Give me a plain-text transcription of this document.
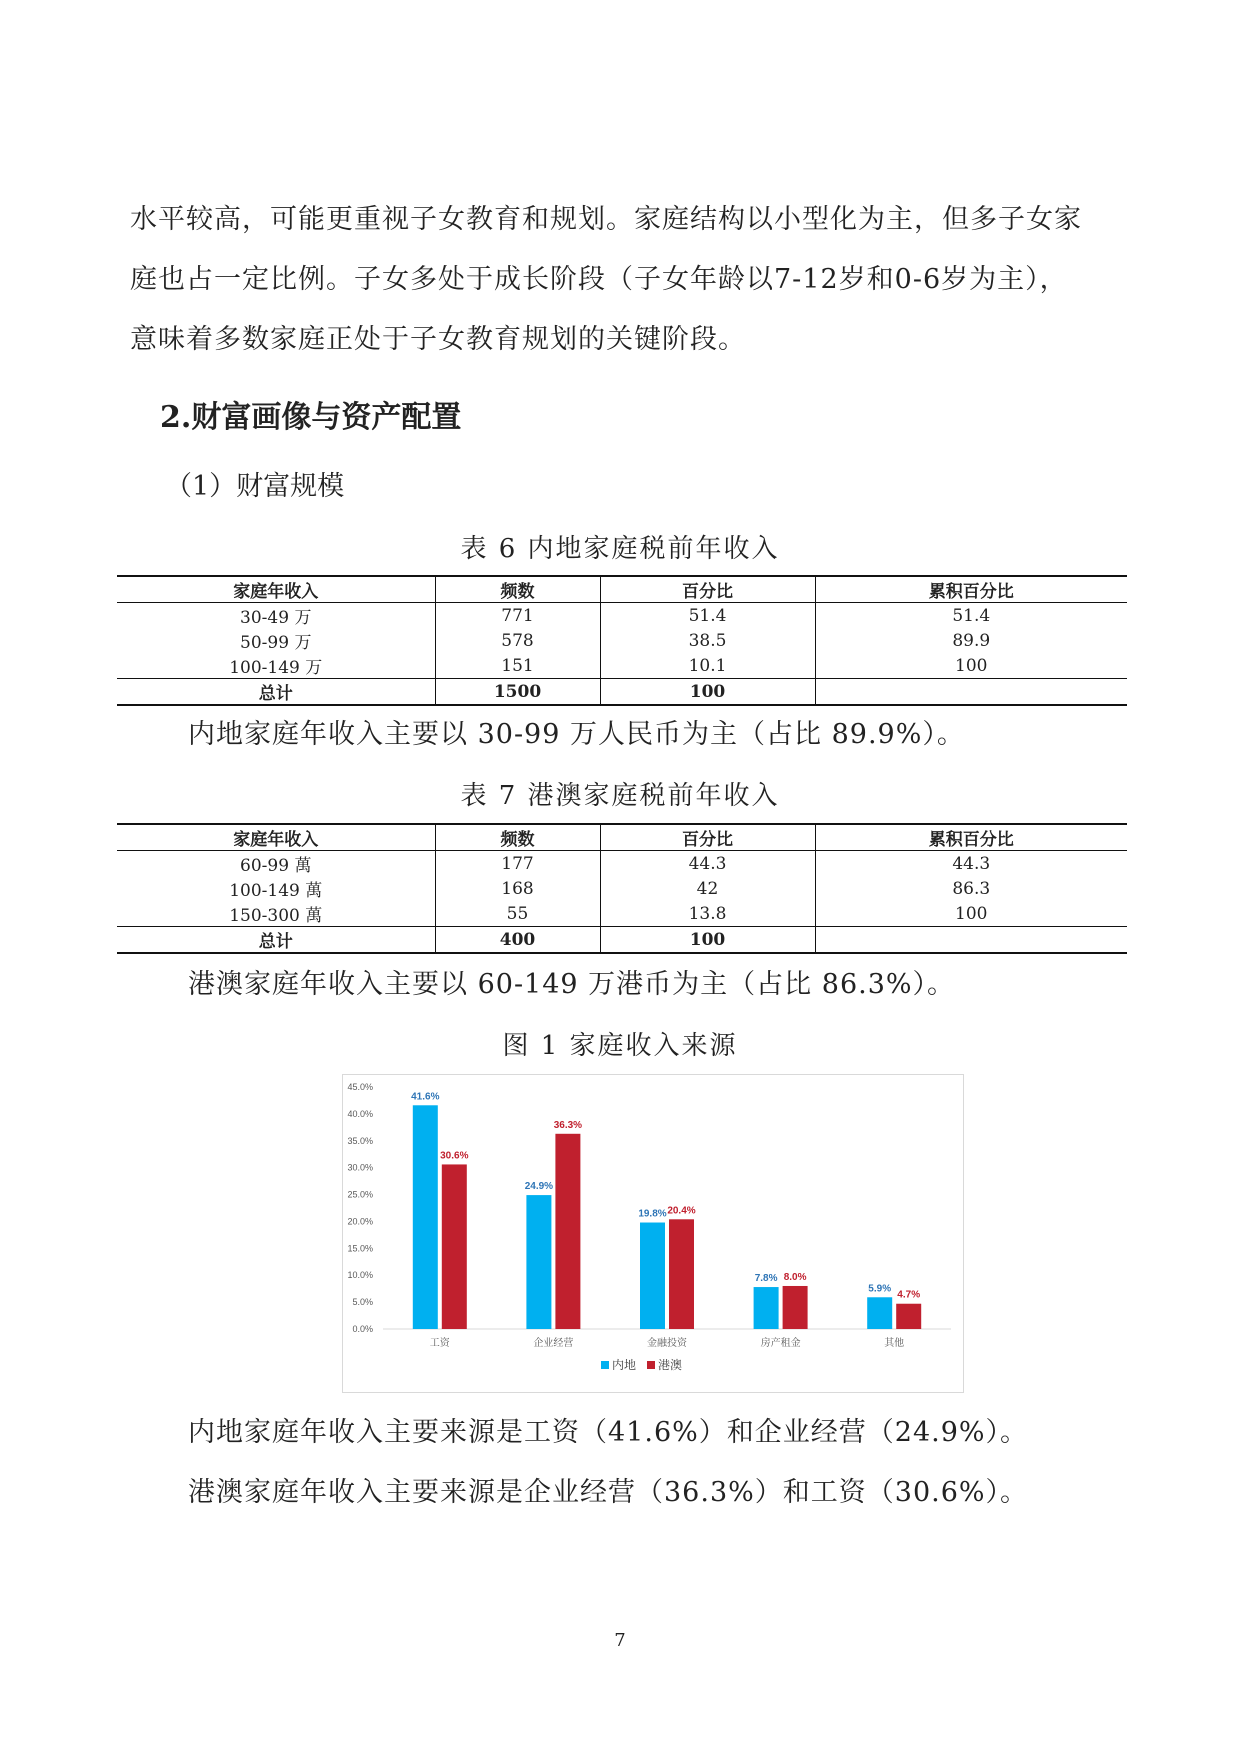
水平较高，可能更重视子女教育和规划。家庭结构以小型化为主，但多子女家
庭也占一定比例。子女多处于成长阶段（子女年龄以7-12岁和0-6岁为主），
意味着多数家庭正处于子女教育规划的关键阶段。
2.财富画像与资产配置
（1）财富规模
表 6 内地家庭税前年收入
家庭年收入	频数	百分比	累积百分比
30-49 万	771	51.4	51.4
50-99 万	578	38.5	89.9
100-149 万	151	10.1	100
总计	1500	100	
内地家庭年收入主要以 30-99 万人民币为主（占比 89.9%）。
表 7 港澳家庭税前年收入
家庭年收入	频数	百分比	累积百分比
60-99 萬	177	44.3	44.3
100-149 萬	168	42	86.3
150-300 萬	55	13.8	100
总计	400	100	
港澳家庭年收入主要以 60-149 万港币为主（占比 86.3%）。
图 1 家庭收入来源
0.0%
5.0%
10.0%
15.0%
20.0%
25.0%
30.0%
35.0%
40.0%
45.0%
41.6%
30.6%
工资
24.9%
36.3%
企业经营
19.8% 20.4%
金融投资
7.8% 8.0%
房产租金
5.9%
4.7%
其他
内地 港澳
内地家庭年收入主要来源是工资（41.6%）和企业经营（24.9%）。
港澳家庭年收入主要来源是企业经营（36.3%）和工资（30.6%）。
7
